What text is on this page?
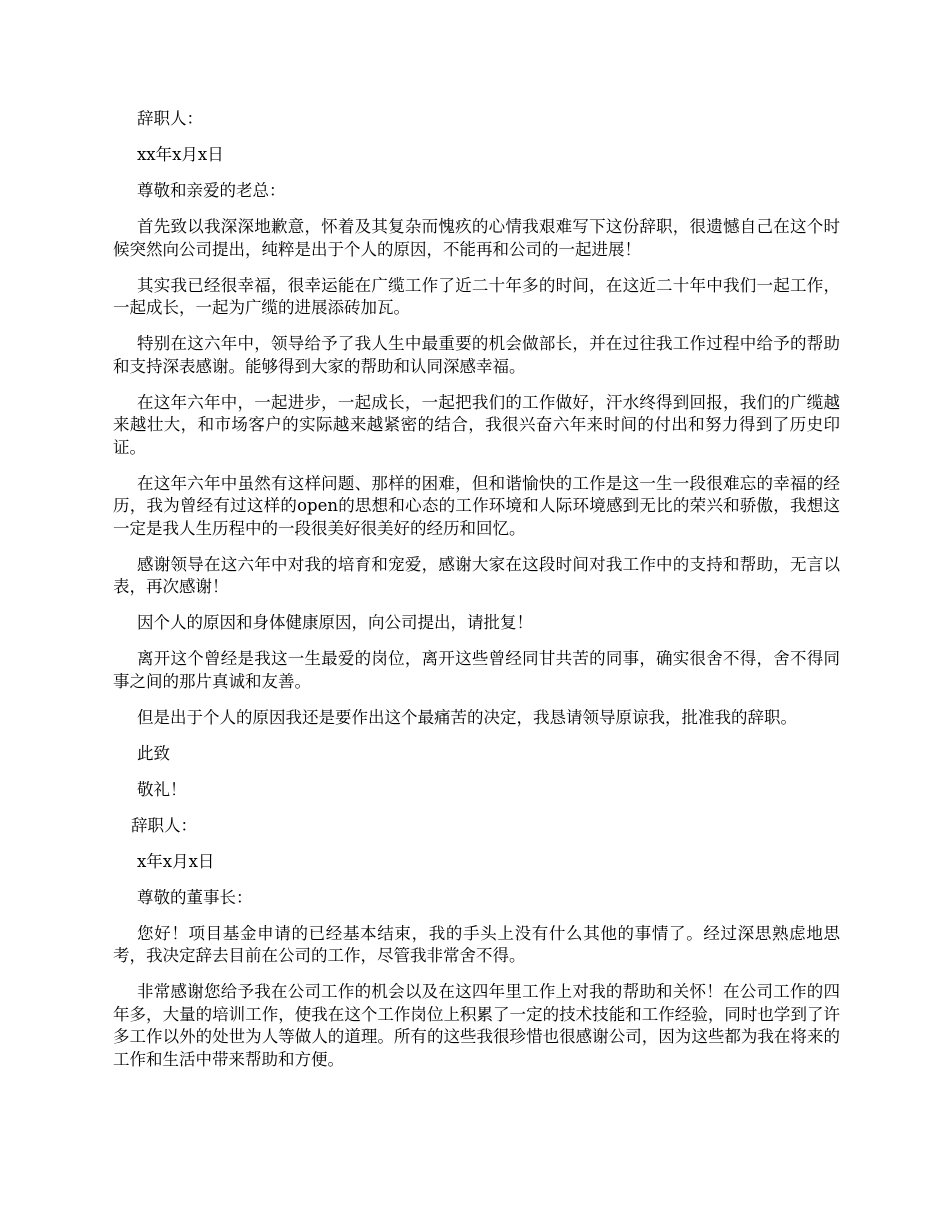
辞职人：

xx年x月x日

尊敬和亲爱的老总：

首先致以我深深地歉意，怀着及其复杂而愧疚的心情我艰难写下这份辞职，很遗憾自己在这个时候突然向公司提出，纯粹是出于个人的原因，不能再和公司的一起进展！

其实我已经很幸福，很幸运能在广缆工作了近二十年多的时间，在这近二十年中我们一起工作，一起成长，一起为广缆的进展添砖加瓦。

特别在这六年中，领导给予了我人生中最重要的机会做部长，并在过往我工作过程中给予的帮助和支持深表感谢。能够得到大家的帮助和认同深感幸福。

在这年六年中，一起进步，一起成长，一起把我们的工作做好，汗水终得到回报，我们的广缆越来越壮大，和市场客户的实际越来越紧密的结合，我很兴奋六年来时间的付出和努力得到了历史印证。

在这年六年中虽然有这样问题、那样的困难，但和谐愉快的工作是这一生一段很难忘的幸福的经历，我为曾经有过这样的open的思想和心态的工作环境和人际环境感到无比的荣兴和骄傲，我想这一定是我人生历程中的一段很美好很美好的经历和回忆。

感谢领导在这六年中对我的培育和宠爱，感谢大家在这段时间对我工作中的支持和帮助，无言以表，再次感谢！

因个人的原因和身体健康原因，向公司提出，请批复！

离开这个曾经是我这一生最爱的岗位，离开这些曾经同甘共苦的同事，确实很舍不得，舍不得同事之间的那片真诚和友善。

但是出于个人的原因我还是要作出这个最痛苦的决定，我恳请领导原谅我，批准我的辞职。

此致

敬礼！

辞职人：

x年x月x日

尊敬的董事长：

您好！项目基金申请的已经基本结束，我的手头上没有什么其他的事情了。经过深思熟虑地思考，我决定辞去目前在公司的工作，尽管我非常舍不得。

非常感谢您给予我在公司工作的机会以及在这四年里工作上对我的帮助和关怀！在公司工作的四年多，大量的培训工作，使我在这个工作岗位上积累了一定的技术技能和工作经验，同时也学到了许多工作以外的处世为人等做人的道理。所有的这些我很珍惜也很感谢公司，因为这些都为我在将来的工作和生活中带来帮助和方便。
